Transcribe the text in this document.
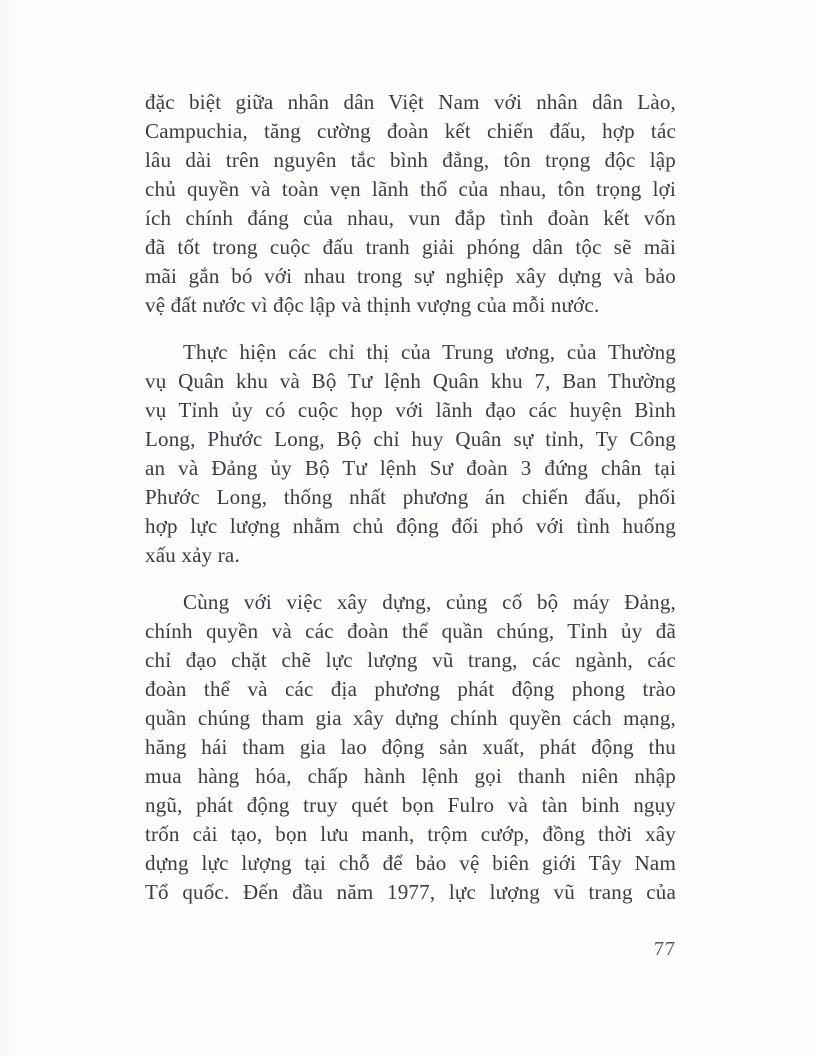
đặc biệt giữa nhân dân Việt Nam với nhân dân Lào,
Campuchia, tăng cường đoàn kết chiến đấu, hợp tác
lâu dài trên nguyên tắc bình đẳng, tôn trọng độc lập
chủ quyền và toàn vẹn lãnh thổ của nhau, tôn trọng lợi
ích chính đáng của nhau, vun đắp tình đoàn kết vốn
đã tốt trong cuộc đấu tranh giải phóng dân tộc sẽ mãi
mãi gắn bó với nhau trong sự nghiệp xây dựng và bảo
vệ đất nước vì độc lập và thịnh vượng của mỗi nước.
Thực hiện các chỉ thị của Trung ương, của Thường
vụ Quân khu và Bộ Tư lệnh Quân khu 7, Ban Thường
vụ Tỉnh ủy có cuộc họp với lãnh đạo các huyện Bình
Long, Phước Long, Bộ chỉ huy Quân sự tỉnh, Ty Công
an và Đảng ủy Bộ Tư lệnh Sư đoàn 3 đứng chân tại
Phước Long, thống nhất phương án chiến đấu, phối
hợp lực lượng nhằm chủ động đối phó với tình huống
xấu xảy ra.
Cùng với việc xây dựng, củng cố bộ máy Đảng,
chính quyền và các đoàn thể quần chúng, Tỉnh ủy đã
chỉ đạo chặt chẽ lực lượng vũ trang, các ngành, các
đoàn thể và các địa phương phát động phong trào
quần chúng tham gia xây dựng chính quyền cách mạng,
hăng hái tham gia lao động sản xuất, phát động thu
mua hàng hóa, chấp hành lệnh gọi thanh niên nhập
ngũ, phát động truy quét bọn Fulro và tàn binh ngụy
trốn cải tạo, bọn lưu manh, trộm cướp, đồng thời xây
dựng lực lượng tại chỗ để bảo vệ biên giới Tây Nam
Tổ quốc. Đến đầu năm 1977, lực lượng vũ trang của
77
